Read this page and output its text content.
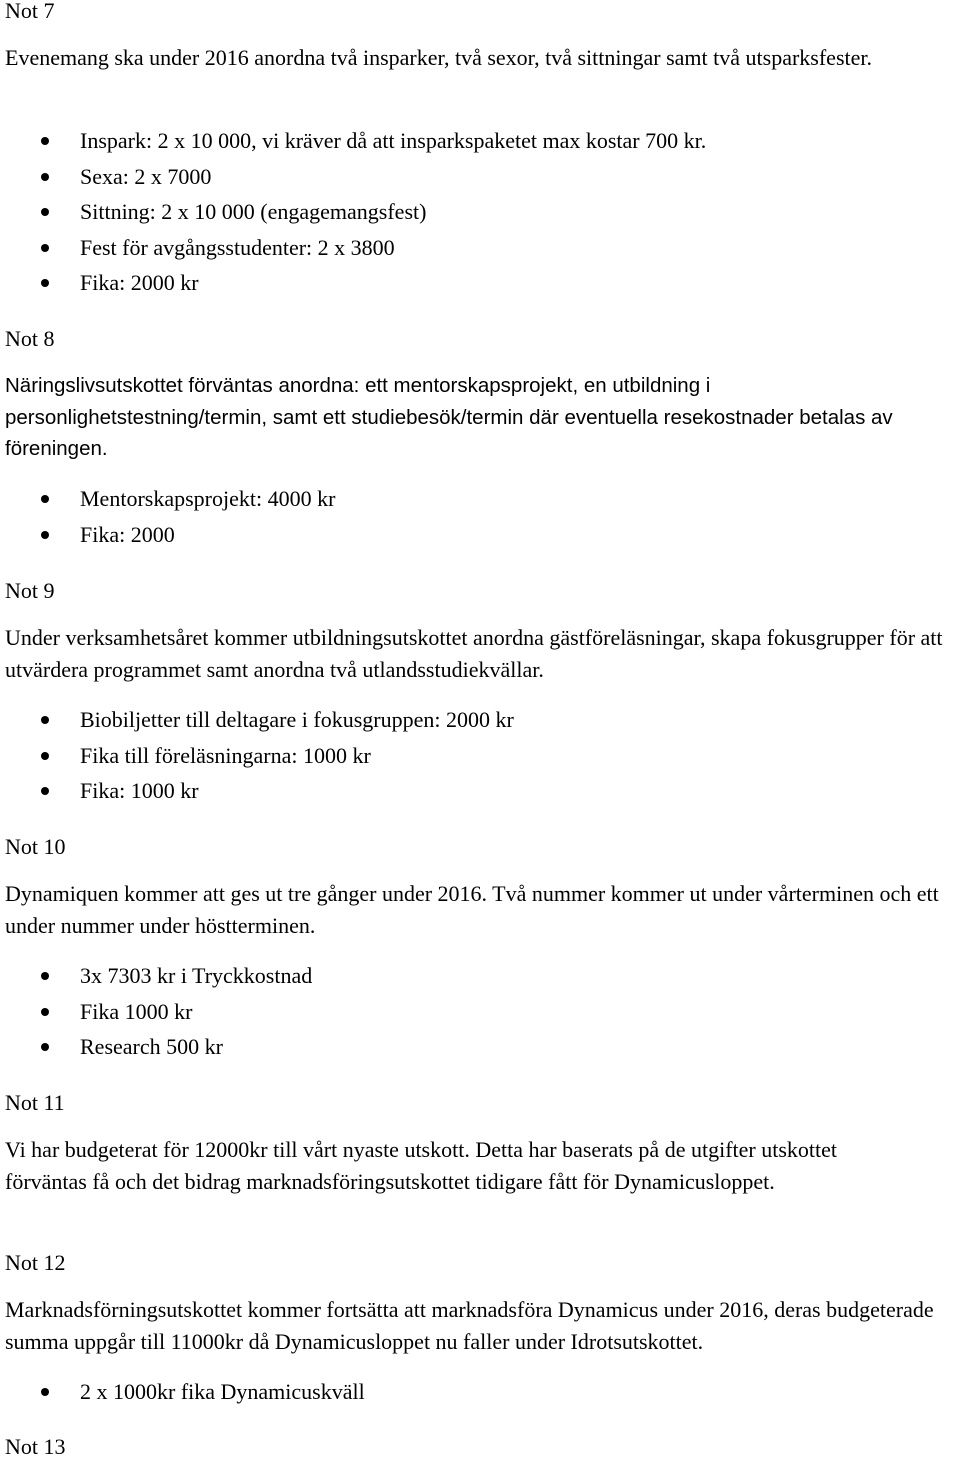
Not 7
Evenemang ska under 2016 anordna två insparker, två sexor, två sittningar samt två utsparksfester.
Inspark: 2 x 10 000, vi kräver då att insparkspaketet max kostar 700 kr.
Sexa: 2 x 7000
Sittning: 2 x 10 000 (engagemangsfest)
Fest för avgångsstudenter: 2 x 3800
Fika: 2000 kr
Not 8
Näringslivsutskottet förväntas anordna: ett mentorskapsprojekt, en utbildning i personlighetstestning/termin, samt ett studiebesök/termin där eventuella resekostnader betalas av föreningen.
Mentorskapsprojekt: 4000 kr
Fika: 2000
Not 9
Under verksamhetsåret kommer utbildningsutskottet anordna gästföreläsningar, skapa fokusgrupper för att utvärdera programmet samt anordna två utlandsstudiekvällar.
Biobiljetter till deltagare i fokusgruppen: 2000 kr
Fika till föreläsningarna: 1000 kr
Fika: 1000 kr
Not 10
Dynamiquen kommer att ges ut tre gånger under 2016. Två nummer kommer ut under vårterminen och ett under nummer under höstterminen.
3x 7303 kr i Tryckkostnad
Fika 1000 kr
Research 500 kr
Not 11
Vi har budgeterat för 12000kr till vårt nyaste utskott. Detta har baserats på de utgifter utskottet förväntas få och det bidrag marknadsföringsutskottet tidigare fått för Dynamicusloppet.
Not 12
Marknadsförningsutskottet kommer fortsätta att marknadsföra Dynamicus under 2016, deras budgeterade summa uppgår till 11000kr då Dynamicusloppet nu faller under Idrotsutskottet.
2 x 1000kr fika Dynamicuskväll
Not 13
